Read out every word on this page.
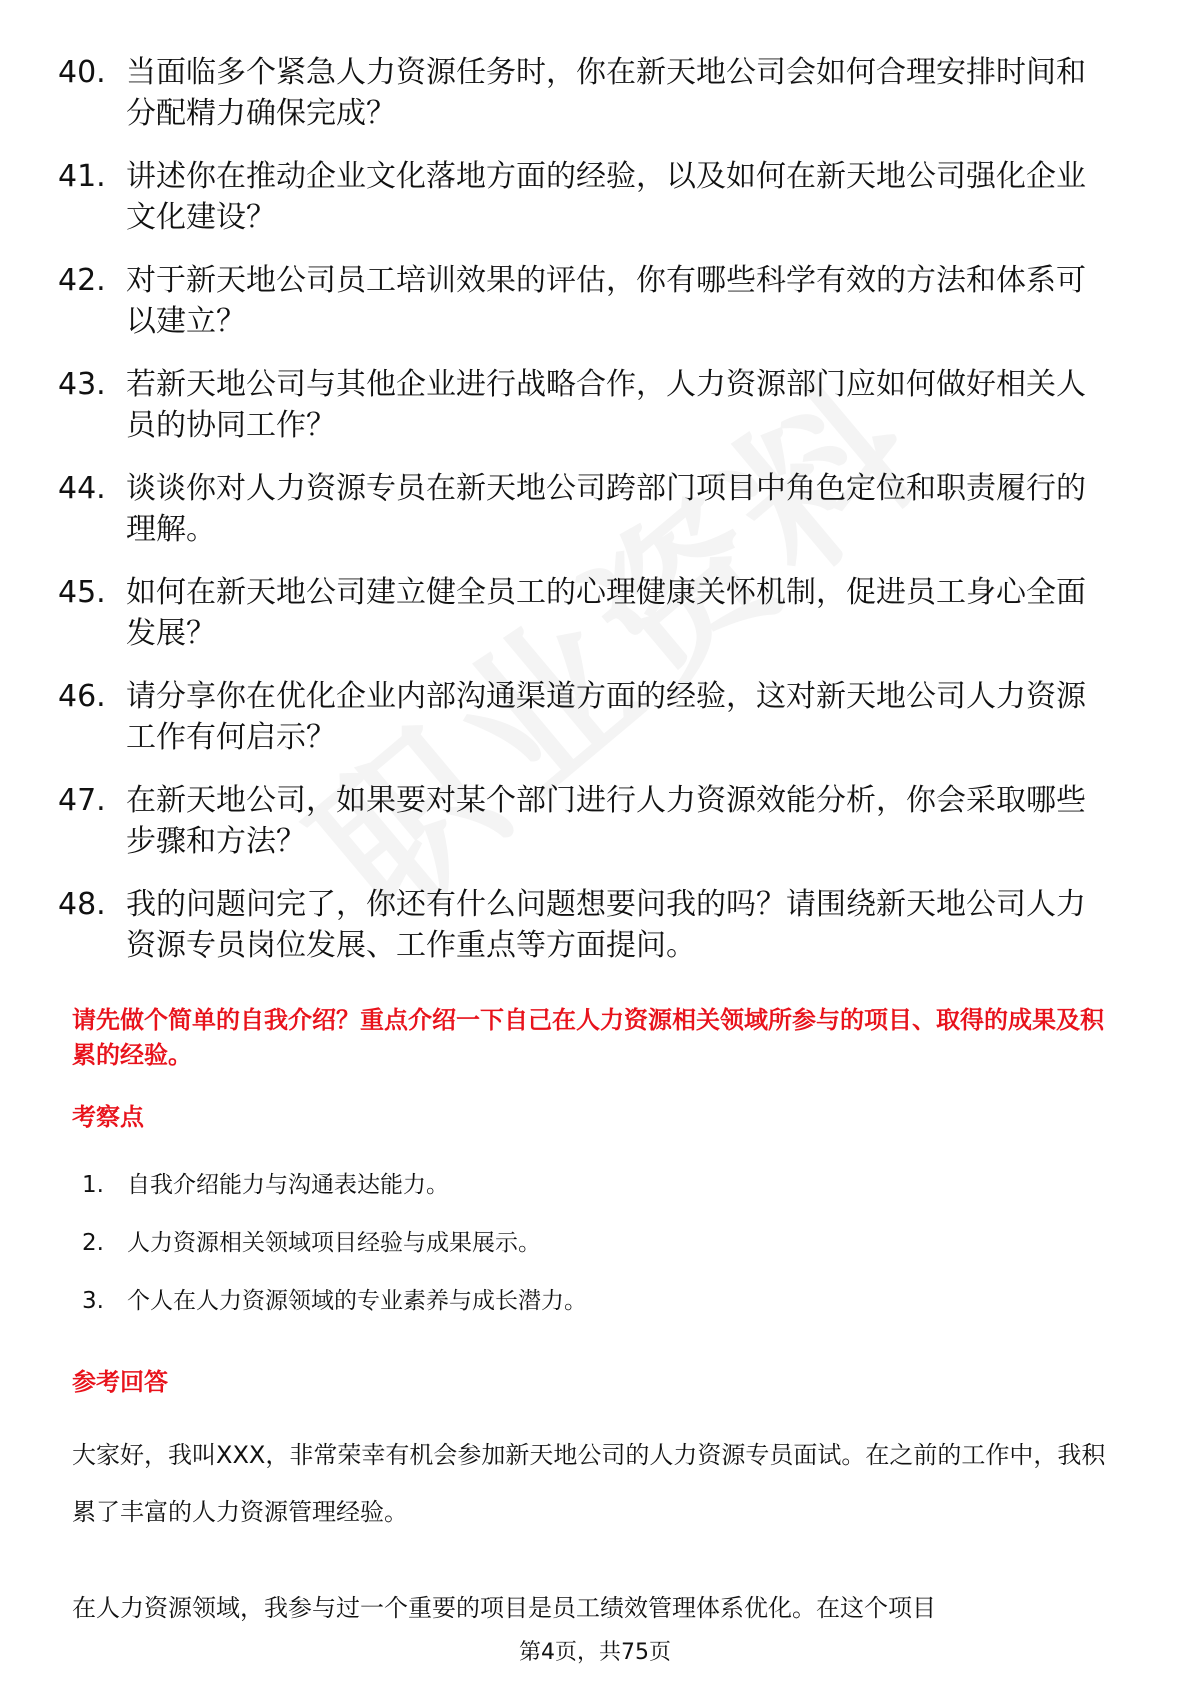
40. 当面临多个紧急人力资源任务时，你在新天地公司会如何合理安排时间和分配精力确保完成？
41. 讲述你在推动企业文化落地方面的经验，以及如何在新天地公司强化企业文化建设？
42. 对于新天地公司员工培训效果的评估，你有哪些科学有效的方法和体系可以建立？
43. 若新天地公司与其他企业进行战略合作，人力资源部门应如何做好相关人员的协同工作？
44. 谈谈你对人力资源专员在新天地公司跨部门项目中角色定位和职责履行的理解。
45. 如何在新天地公司建立健全员工的心理健康关怀机制，促进员工身心全面发展？
46. 请分享你在优化企业内部沟通渠道方面的经验，这对新天地公司人力资源工作有何启示？
47. 在新天地公司，如果要对某个部门进行人力资源效能分析，你会采取哪些步骤和方法？
48. 我的问题问完了，你还有什么问题想要问我的吗？请围绕新天地公司人力资源专员岗位发展、工作重点等方面提问。
请先做个简单的自我介绍？重点介绍一下自己在人力资源相关领域所参与的项目、取得的成果及积累的经验。
考察点
1.	自我介绍能力与沟通表达能力。
2.	人力资源相关领域项目经验与成果展示。
3.	个人在人力资源领域的专业素养与成长潜力。
参考回答
大家好，我叫XXX，非常荣幸有机会参加新天地公司的人力资源专员面试。在之前的工作中，我积累了丰富的人力资源管理经验。
在人力资源领域，我参与过一个重要的项目是员工绩效管理体系优化。在这个项目
第4页，共75页
